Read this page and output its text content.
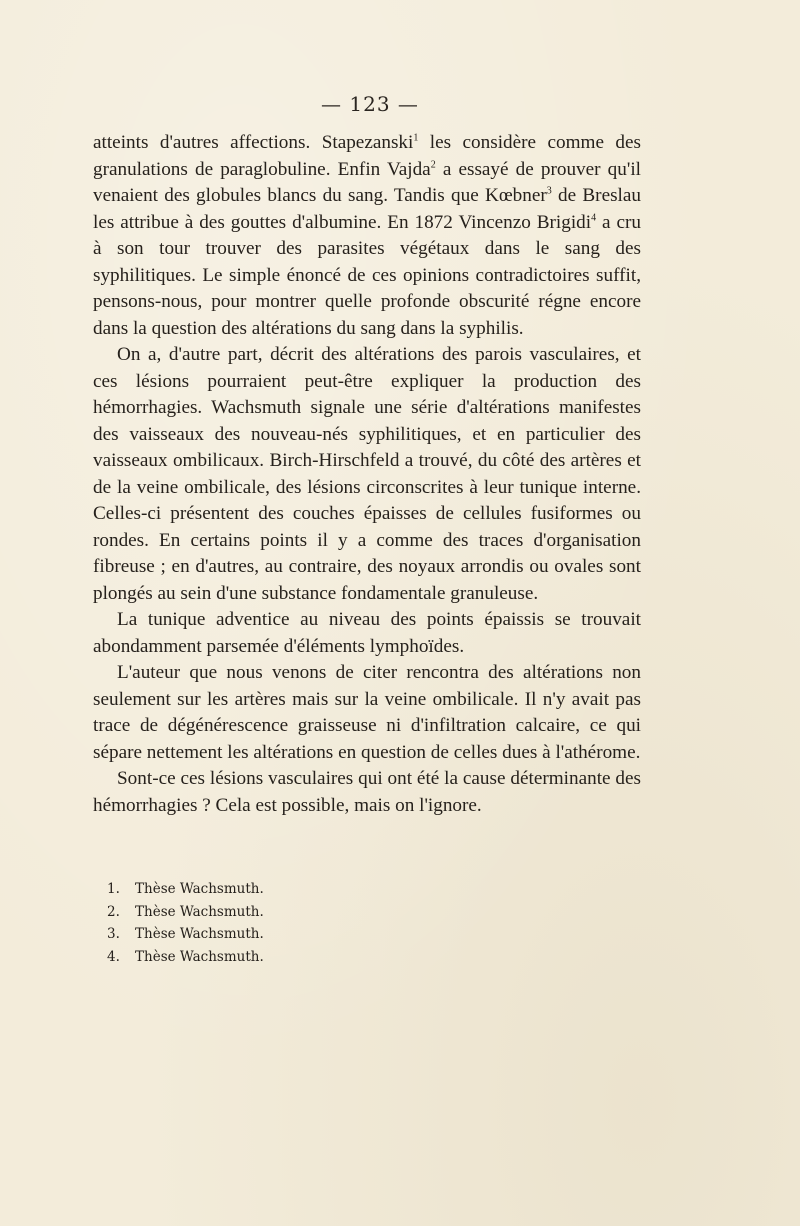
— 123 —

atteints d'autres affections. Stapezanski$^1$ les considère comme des granulations de paraglobuline. Enfin Vajda$^2$ a essayé de prouver qu'il venaient des globules blancs du sang. Tandis que Kœbner$^3$ de Breslau les attribue à des gouttes d'albumine. En 1872 Vincenzo Brigidi$^4$ a cru à son tour trouver des parasites végétaux dans le sang des syphilitiques. Le simple énoncé de ces opinions contradictoires suffit, pensons-nous, pour montrer quelle profonde obscurité régne encore dans la question des altérations du sang dans la syphilis.

On a, d'autre part, décrit des altérations des parois vasculaires, et ces lésions pourraient peut-être expliquer la production des hémorrhagies. Wachsmuth signale une série d'altérations manifestes des vaisseaux des nouveau-nés syphilitiques, et en particulier des vaisseaux ombilicaux. Birch-Hirschfeld a trouvé, du côté des artères et de la veine ombilicale, des lésions circonscrites à leur tunique interne. Celles-ci présentent des couches épaisses de cellules fusiformes ou rondes. En certains points il y a comme des traces d'organisation fibreuse ; en d'autres, au contraire, des noyaux arrondis ou ovales sont plongés au sein d'une substance fondamentale granuleuse.

La tunique adventice au niveau des points épaissis se trouvait abondamment parsemée d'éléments lymphoïdes.

L'auteur que nous venons de citer rencontra des altérations non seulement sur les artères mais sur la veine ombilicale. Il n'y avait pas trace de dégénérescence graisseuse ni d'infiltration calcaire, ce qui sépare nettement les altérations en question de celles dues à l'athérome.

Sont-ce ces lésions vasculaires qui ont été la cause déterminante des hémorrhagies ? Cela est possible, mais on l'ignore.

1. Thèse Wachsmuth.
2. Thèse Wachsmuth.
3. Thèse Wachsmuth.
4. Thèse Wachsmuth.
